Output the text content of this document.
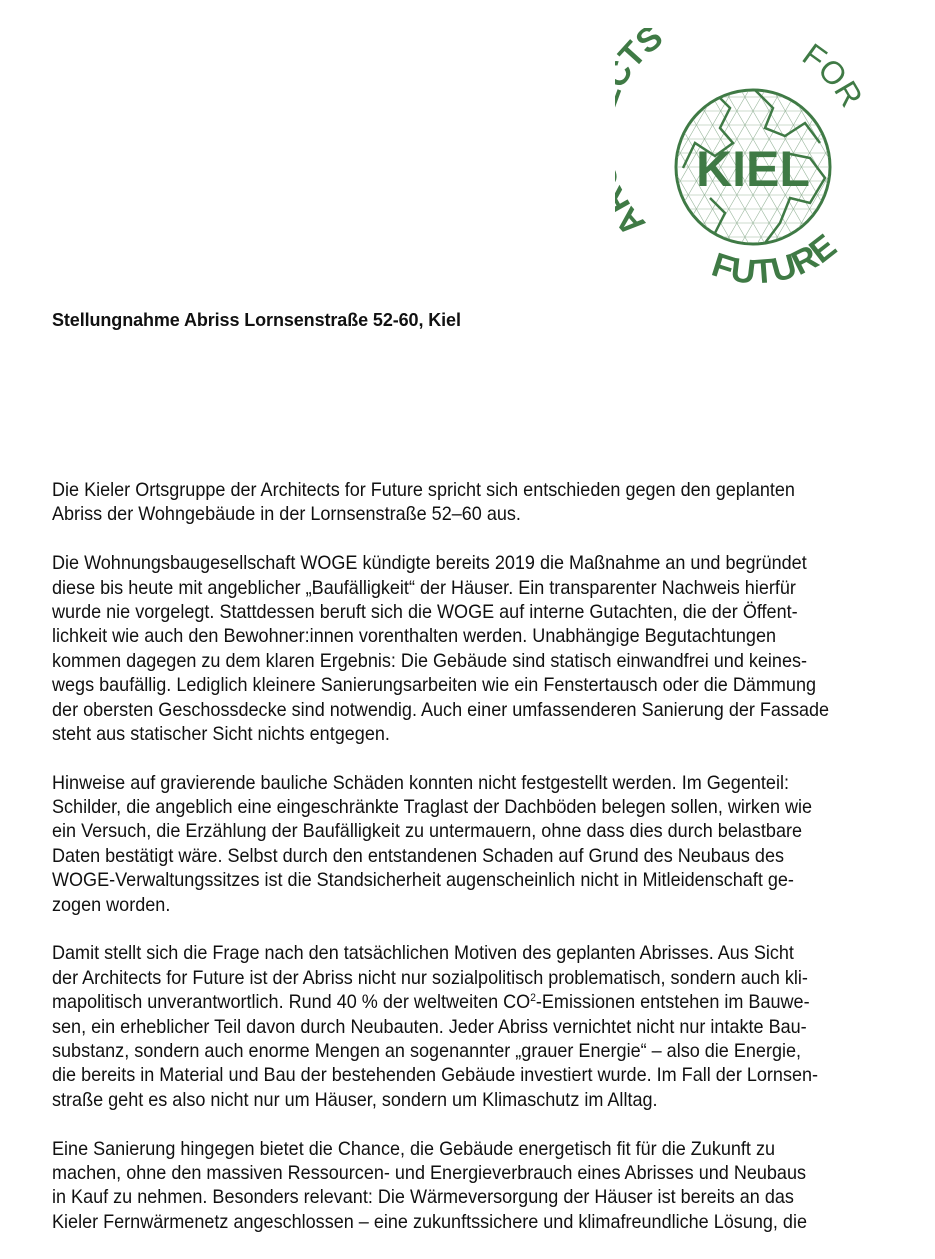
KIEL
TS	FOR
FUTURE
Stellungnahme Abriss Lornsenstraße 52-60, Kiel
Die Kieler Ortsgruppe der Architects for Future spricht sich entschieden gegen den geplanten
Abriss der Wohngebäude in der Lornsenstraße 52–60 aus.
Die Wohnungsbaugesellschaft WOGE kündigte bereits 2019 die Maßnahme an und begründet
diese bis heute mit angeblicher „Baufälligkeit“ der Häuser. Ein transparenter Nachweis hierfür
wurde nie vorgelegt. Stattdessen beruft sich die WOGE auf interne Gutachten, die der Öffent-
lichkeit wie auch den Bewohner:innen vorenthalten werden. Unabhängige Begutachtungen
kommen dagegen zu dem klaren Ergebnis: Die Gebäude sind statisch einwandfrei und keines-
wegs baufällig. Lediglich kleinere Sanierungsarbeiten wie ein Fenstertausch oder die Dämmung
der obersten Geschossdecke sind notwendig. Auch einer umfassenderen Sanierung der Fassade
steht aus statischer Sicht nichts entgegen.
Hinweise auf gravierende bauliche Schäden konnten nicht festgestellt werden. Im Gegenteil:
Schilder, die angeblich eine eingeschränkte Traglast der Dachböden belegen sollen, wirken wie
ein Versuch, die Erzählung der Baufälligkeit zu untermauern, ohne dass dies durch belastbare
Daten bestätigt wäre. Selbst durch den entstandenen Schaden auf Grund des Neubaus des
WOGE-Verwaltungssitzes ist die Standsicherheit augenscheinlich nicht in Mitleidenschaft ge-
zogen worden.
Damit stellt sich die Frage nach den tatsächlichen Motiven des geplanten Abrisses. Aus Sicht
der Architects for Future ist der Abriss nicht nur sozialpolitisch problematisch, sondern auch kli-
mapolitisch unverantwortlich. Rund 40 % der weltweiten $CO^2$-Emissionen entstehen im Bauwe-
sen, ein erheblicher Teil davon durch Neubauten. Jeder Abriss vernichtet nicht nur intakte Bau-
substanz, sondern auch enorme Mengen an sogenannter „grauer Energie“ – also die Energie,
die bereits in Material und Bau der bestehenden Gebäude investiert wurde. Im Fall der Lornsen-
straße geht es also nicht nur um Häuser, sondern um Klimaschutz im Alltag.
Eine Sanierung hingegen bietet die Chance, die Gebäude energetisch fit für die Zukunft zu
machen, ohne den massiven Ressourcen- und Energieverbrauch eines Abrisses und Neubaus
in Kauf zu nehmen. Besonders relevant: Die Wärmeversorgung der Häuser ist bereits an das
Kieler Fernwärmenetz angeschlossen – eine zukunftssichere und klimafreundliche Lösung, die
